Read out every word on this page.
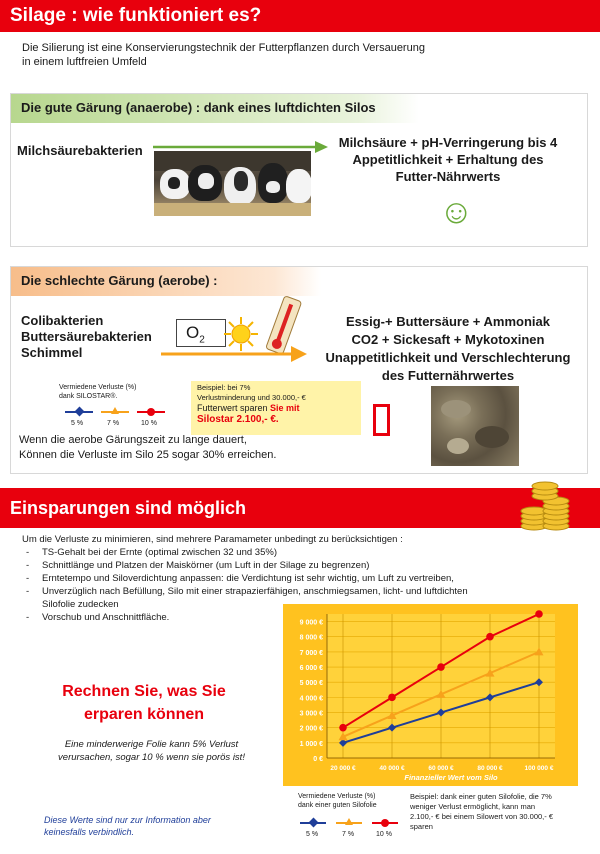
Silage : wie funktioniert es?
Die Silierung ist eine Konservierungstechnik der Futterpflanzen durch Versauerung
in einem luftfreien Umfeld
Die gute Gärung (anaerobe) : dank eines luftdichten Silos
Milchsäurebakterien
Milchsäure + pH-Verringerung bis 4
Appetitlichkeit + Erhaltung des
Futter-Nährwerts
☺
Die schlechte Gärung (aerobe) :
Colibakterien
Buttersäurebakterien
Schimmel
$O_2$
Essig-+ Buttersäure + Ammoniak
CO2 + Sickesaft + Mykotoxinen
Unappetitlichkeit und Verschlechterung
des Futternährwertes
Vermiedene Verluste (%)
dank SILOSTAR®.
5 %	7 %	10 %
Beispiel: bei 7%
Verlustminderung und 30.000,- €
Futterwert sparen Sie mit
Silostar 2.100,- €.
Wenn die aerobe Gärungszeit zu lange dauert,
Können die Verluste im Silo 25 sogar 30% erreichen.
Einsparungen sind möglich
Um die Verluste zu minimieren, sind mehrere Paramameter unbedingt zu berücksichtigen :
- TS-Gehalt bei der Ernte (optimal zwischen 32 und 35%)
- Schnittlänge und Platzen der Maiskörner (um Luft in der Silage zu begrenzen)
- Erntetempo und Siloverdichtung anpassen: die Verdichtung ist sehr wichtig, um Luft zu vertreiben,
- Unverzüglich nach Befüllung, Silo mit einer strapazierfähigen, anschmiegsamen, licht- und luftdichten
Silofolie zudecken
- Vorschub und Anschnittfläche.
0 €
1 000 €
2 000 €
3 000 €
4 000 €
5 000 €
6 000 €
7 000 €
8 000 €
9 000 €
20 000 €	40 000 €	60 000 €	80 000 €	100 000 €
Finanzieller Wert vom Silo
Vermiedene Verluste (%)
dank einer guten Silofolie
5 %	7 %	10 %
Beispiel: dank einer guten Silofolie, die 7%
weniger Verlust ermöglicht, kann man
2.100,- € bei einem Silowert von 30.000,- €
sparen
Rechnen Sie, was Sie
erparen können
Eine minderwerige Folie kann 5% Verlust
verursachen, sogar 10 % wenn sie porös ist!
Diese Werte sind nur zur Information aber
keinesfalls verbindlich.
